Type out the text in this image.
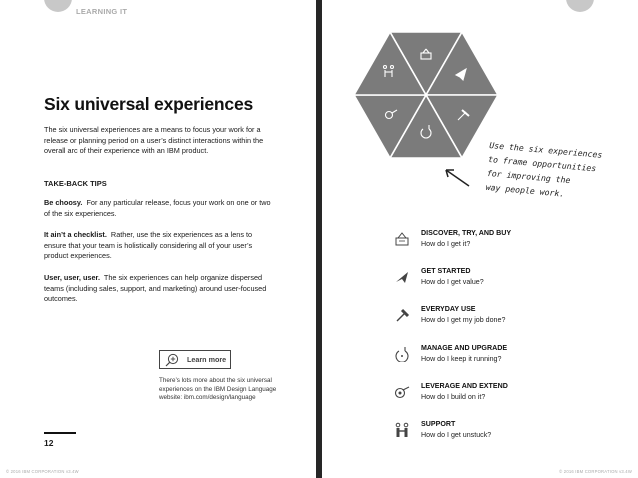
LEARNING IT
Six universal experiences

The six universal experiences are a means to focus your work for a release or planning period on a user’s distinct interactions within the overall arc of their experience with an IBM product.

TAKE-BACK TIPS

Be choosy. For any particular release, focus your work on one or two of the six experiences.

It ain’t a checklist. Rather, use the six experiences as a lens to ensure that your team is holistically considering all of your user’s product experiences.

User, user, user. The six experiences can help organize dispersed teams (including sales, support, and marketing) around user-focused outcomes.

Learn more

There’s lots more about the six universal experiences on the IBM Design Language website: ibm.com/design/language

12
© 2016 IBM CORPORATION v3.4W

Use the six experiences
to frame opportunities
for improving the
way people work.

DISCOVER, TRY, AND BUY
How do I get it?
GET STARTED
How do I get value?
EVERYDAY USE
How do I get my job done?
MANAGE AND UPGRADE
How do I keep it running?
LEVERAGE AND EXTEND
How do I build on it?
SUPPORT
How do I get unstuck?
© 2016 IBM CORPORATION v3.4W
